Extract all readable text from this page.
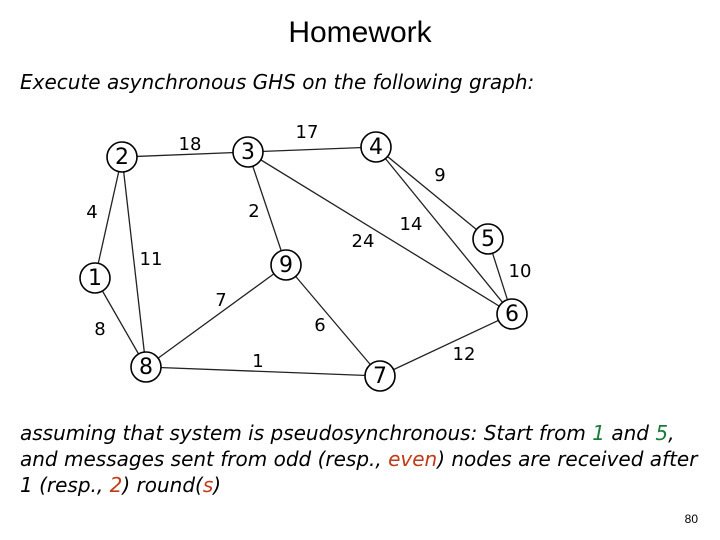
Homework
Execute asynchronous GHS on the following graph:
18
17
9
2
24
14
10
4
11
8
7
6
1	12
1
2	3	4
5
6
7
8
9
assuming that system is pseudosynchronous: Start from 1 and 5, and messages sent from odd (resp., even) nodes are received after 1 (resp., 2) round(s)
80
